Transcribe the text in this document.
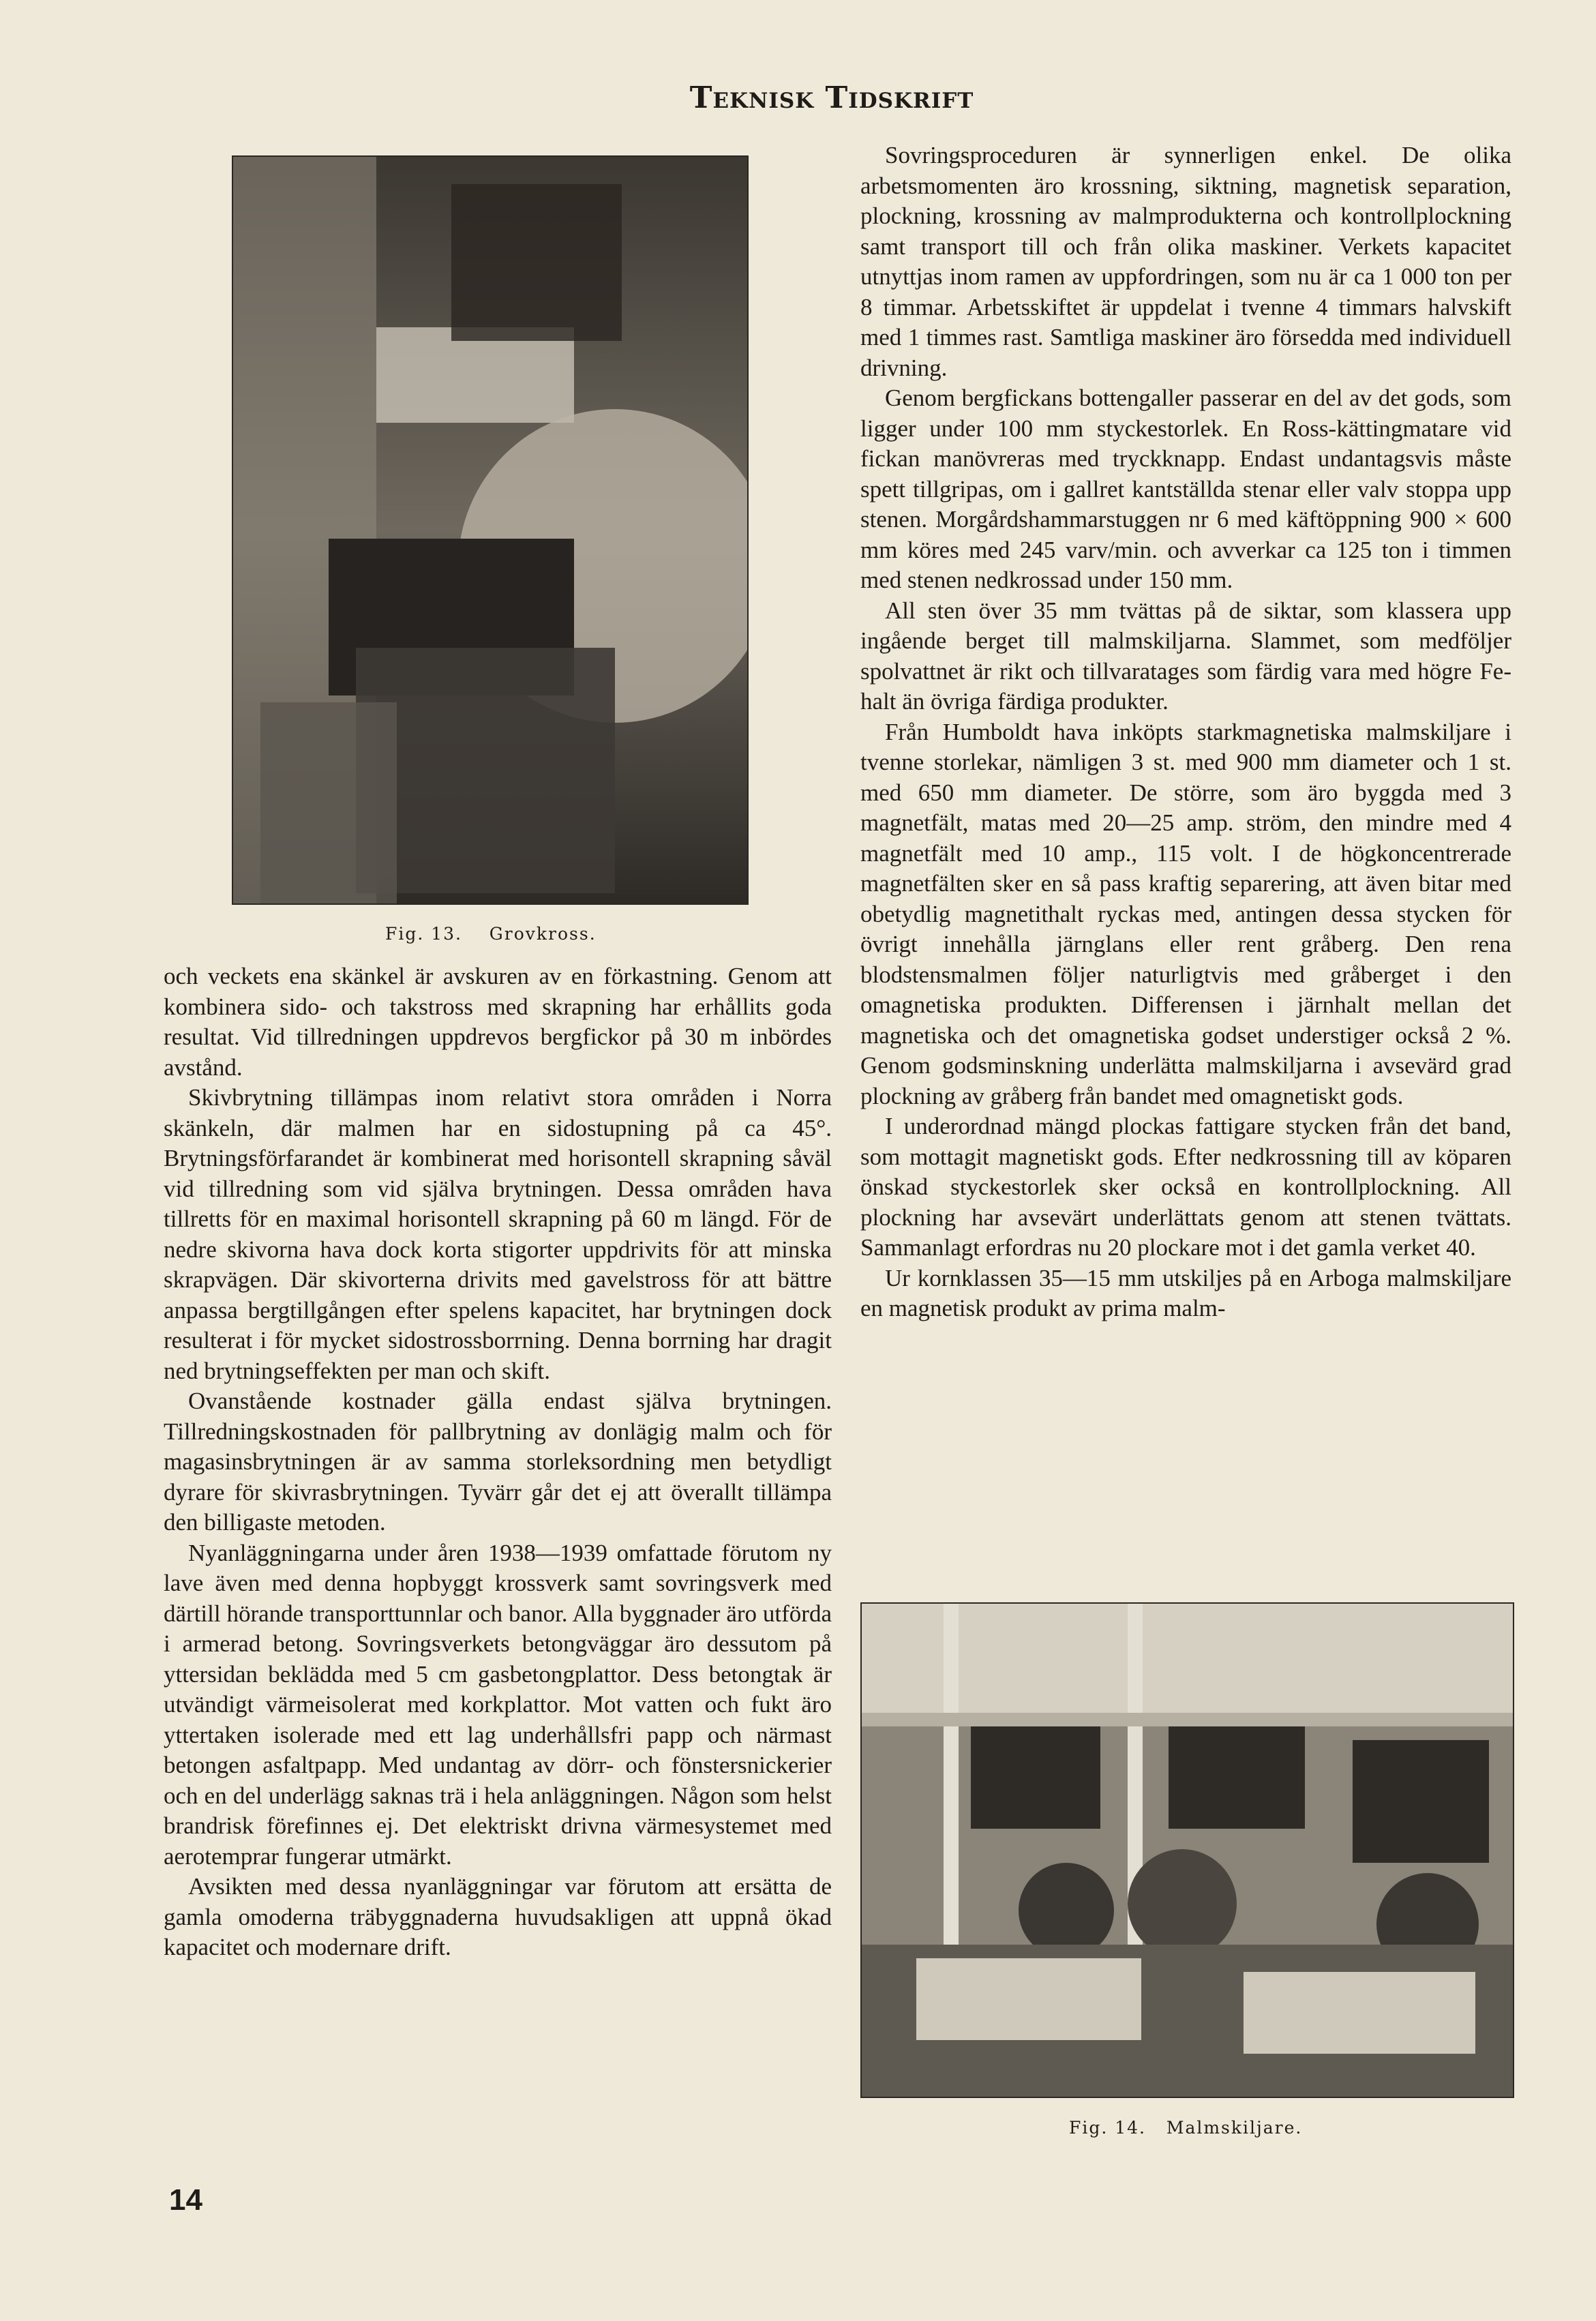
Teknisk Tidskrift
Fig. 13. Grovkross.

och veckets ena skänkel är avskuren av en förkastning. Genom att kombinera sido- och takstross med skrapning har erhållits goda resultat. Vid tillredningen uppdrevos bergfickor på 30 m inbördes avstånd.

Skivbrytning tillämpas inom relativt stora områden i Norra skänkeln, där malmen har en sidostupning på ca 45°. Brytningsförfarandet är kombinerat med horisontell skrapning såväl vid tillredning som vid själva brytningen. Dessa områden hava tillretts för en maximal horisontell skrapning på 60 m längd. För de nedre skivorna hava dock korta stigorter uppdrivits för att minska skrapvägen. Där skivorterna drivits med gavelstross för att bättre anpassa bergtillgången efter spelens kapacitet, har brytningen dock resulterat i för mycket sidostrossborrning. Denna borrning har dragit ned brytningseffekten per man och skift.

Ovanstående kostnader gälla endast själva brytningen. Tillredningskostnaden för pallbrytning av donlägig malm och för magasinsbrytningen är av samma storleksordning men betydligt dyrare för skivrasbrytningen. Tyvärr går det ej att överallt tillämpa den billigaste metoden.

Nyanläggningarna under åren 1938—1939 omfattade förutom ny lave även med denna hopbyggt krossverk samt sovringsverk med därtill hörande transporttunnlar och banor. Alla byggnader äro utförda i armerad betong. Sovringsverkets betongväggar äro dessutom på yttersidan beklädda med 5 cm gasbetongplattor. Dess betongtak är utvändigt värmeisolerat med korkplattor. Mot vatten och fukt äro yttertaken isolerade med ett lag underhållsfri papp och närmast betongen asfaltpapp. Med undantag av dörr- och fönstersnickerier och en del underlägg saknas trä i hela anläggningen. Någon som helst brandrisk förefinnes ej. Det elektriskt drivna värmesystemet med aerotemprar fungerar utmärkt.

Avsikten med dessa nyanläggningar var förutom att ersätta de gamla omoderna träbyggnaderna huvudsakligen att uppnå ökad kapacitet och modernare drift.

Sovringsproceduren är synnerligen enkel. De olika arbetsmomenten äro krossning, siktning, magnetisk separation, plockning, krossning av malmprodukterna och kontrollplockning samt transport till och från olika maskiner. Verkets kapacitet utnyttjas inom ramen av uppfordringen, som nu är ca 1 000 ton per 8 timmar. Arbetsskiftet är uppdelat i tvenne 4 timmars halvskift med 1 timmes rast. Samtliga maskiner äro försedda med individuell drivning.

Genom bergfickans bottengaller passerar en del av det gods, som ligger under 100 mm styckestorlek. En Ross-kättingmatare vid fickan manövreras med tryckknapp. Endast undantagsvis måste spett tillgripas, om i gallret kantställda stenar eller valv stoppa upp stenen. Morgårdshammarstuggen nr 6 med käftöppning 900 × 600 mm köres med 245 varv/min. och avverkar ca 125 ton i timmen med stenen nedkrossad under 150 mm.

All sten över 35 mm tvättas på de siktar, som klassera upp ingående berget till malmskiljarna. Slammet, som medföljer spolvattnet är rikt och tillvaratages som färdig vara med högre Fe-halt än övriga färdiga produkter.

Från Humboldt hava inköpts starkmagnetiska malmskiljare i tvenne storlekar, nämligen 3 st. med 900 mm diameter och 1 st. med 650 mm diameter. De större, som äro byggda med 3 magnetfält, matas med 20—25 amp. ström, den mindre med 4 magnetfält med 10 amp., 115 volt. I de högkoncentrerade magnetfälten sker en så pass kraftig separering, att även bitar med obetydlig magnetithalt ryckas med, antingen dessa stycken för övrigt innehålla järnglans eller rent gråberg. Den rena blodstensmalmen följer naturligtvis med gråberget i den omagnetiska produkten. Differensen i järnhalt mellan det magnetiska och det omagnetiska godset understiger också 2 %. Genom godsminskning underlätta malmskiljarna i avsevärd grad plockning av gråberg från bandet med omagnetiskt gods.

I underordnad mängd plockas fattigare stycken från det band, som mottagit magnetiskt gods. Efter nedkrossning till av köparen önskad styckestorlek sker också en kontrollplockning. All plockning har avsevärt underlättats genom att stenen tvättats. Sammanlagt erfordras nu 20 plockare mot i det gamla verket 40.

Ur kornklassen 35—15 mm utskiljes på en Arboga malmskiljare en magnetisk produkt av prima malm-

Fig. 14. Malmskiljare.
14
